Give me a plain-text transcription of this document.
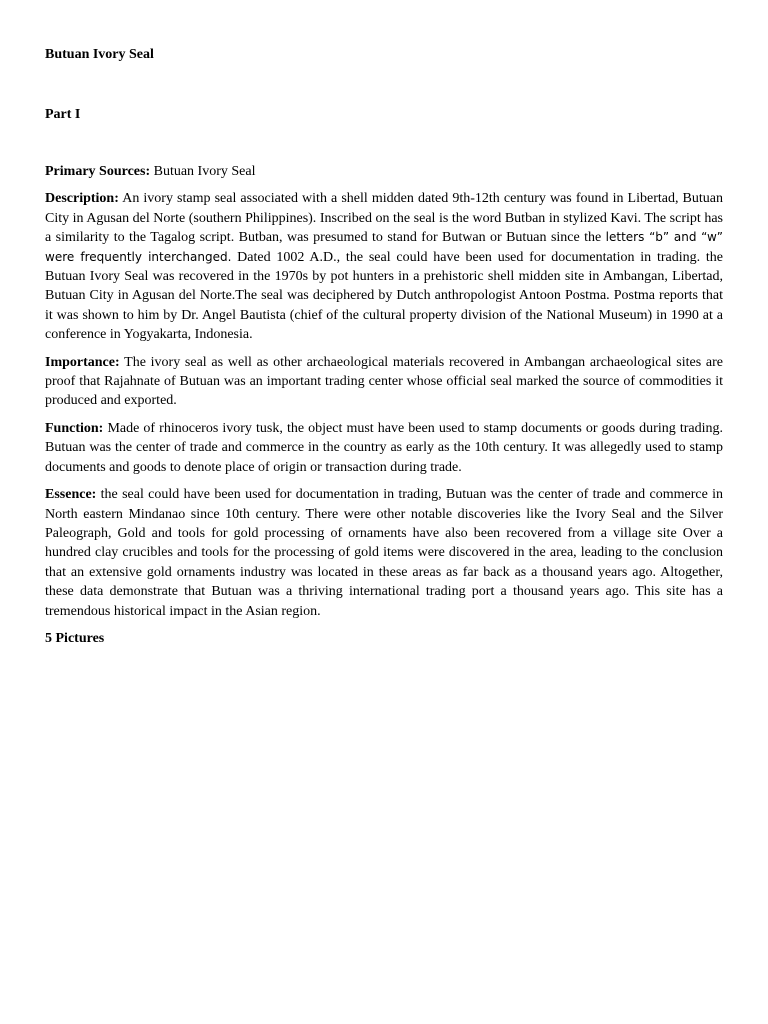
Butuan Ivory Seal

Part I

Primary Sources: Butuan Ivory Seal

Description: An ivory stamp seal associated with a shell midden dated 9th-12th century was found in Libertad, Butuan City in Agusan del Norte (southern Philippines). Inscribed on the seal is the word Butban in stylized Kavi. The script has a similarity to the Tagalog script. Butban, was presumed to stand for Butwan or Butuan since the letters “b” and “w” were frequently interchanged. Dated 1002 A.D., the seal could have been used for documentation in trading. the Butuan Ivory Seal was recovered in the 1970s by pot hunters in a prehistoric shell midden site in Ambangan, Libertad, Butuan City in Agusan del Norte.The seal was deciphered by Dutch anthropologist Antoon Postma. Postma reports that it was shown to him by Dr. Angel Bautista (chief of the cultural property division of the National Museum) in 1990 at a conference in Yogyakarta, Indonesia.

Importance: The ivory seal as well as other archaeological materials recovered in Ambangan archaeological sites are proof that Rajahnate of Butuan was an important trading center whose official seal marked the source of commodities it produced and exported.

Function: Made of rhinoceros ivory tusk, the object must have been used to stamp documents or goods during trading. Butuan was the center of trade and commerce in the country as early as the 10th century. It was allegedly used to stamp documents and goods to denote place of origin or transaction during trade.

Essence: the seal could have been used for documentation in trading, Butuan was the center of trade and commerce in North eastern Mindanao since 10th century. There were other notable discoveries like the Ivory Seal and the Silver Paleograph, Gold and tools for gold processing of ornaments have also been recovered from a village site Over a hundred clay crucibles and tools for the processing of gold items were discovered in the area, leading to the conclusion that an extensive gold ornaments industry was located in these areas as far back as a thousand years ago. Altogether, these data demonstrate that Butuan was a thriving international trading port a thousand years ago. This site has a tremendous historical impact in the Asian region.

5 Pictures
